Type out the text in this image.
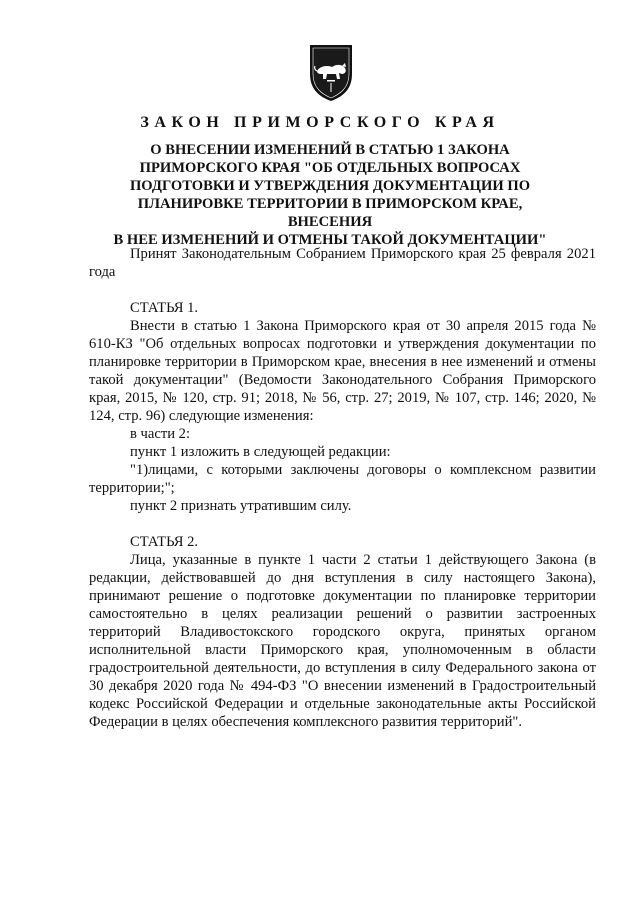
ЗАКОН ПРИМОРСКОГО КРАЯ
О ВНЕСЕНИИ ИЗМЕНЕНИЙ В СТАТЬЮ 1 ЗАКОНА
ПРИМОРСКОГО КРАЯ "ОБ ОТДЕЛЬНЫХ ВОПРОСАХ
ПОДГОТОВКИ И УТВЕРЖДЕНИЯ ДОКУМЕНТАЦИИ ПО
ПЛАНИРОВКЕ ТЕРРИТОРИИ В ПРИМОРСКОМ КРАЕ, ВНЕСЕНИЯ
В НЕЕ ИЗМЕНЕНИЙ И ОТМЕНЫ ТАКОЙ ДОКУМЕНТАЦИИ"

Принят Законодательным Собранием Приморского края 25 февраля 2021 года

СТАТЬЯ 1.

Внести в статью 1 Закона Приморского края от 30 апреля 2015 года № 610-КЗ "Об отдельных вопросах подготовки и утверждения документации по планировке территории в Приморском крае, внесения в нее изменений и отмены такой документации" (Ведомости Законодательного Собрания Приморского края, 2015, № 120, стр. 91; 2018, № 56, стр. 27; 2019, № 107, стр. 146; 2020, № 124, стр. 96) следующие изменения:

в части 2:

пункт 1 изложить в следующей редакции:

"1)лицами, с которыми заключены договоры о комплексном развитии территории;";

пункт 2 признать утратившим силу.

СТАТЬЯ 2.

Лица, указанные в пункте 1 части 2 статьи 1 действующего Закона (в редакции, действовавшей до дня вступления в силу настоящего Закона), принимают решение о подготовке документации по планировке территории самостоятельно в целях реализации решений о развитии застроенных территорий Владивостокского городского округа, принятых органом исполнительной власти Приморского края, уполномоченным в области градостроительной деятельности, до вступления в силу Федерального закона от 30 декабря 2020 года № 494-ФЗ "О внесении изменений в Градостроительный кодекс Российской Федерации и отдельные законодательные акты Российской Федерации в целях обеспечения комплексного развития территорий".
